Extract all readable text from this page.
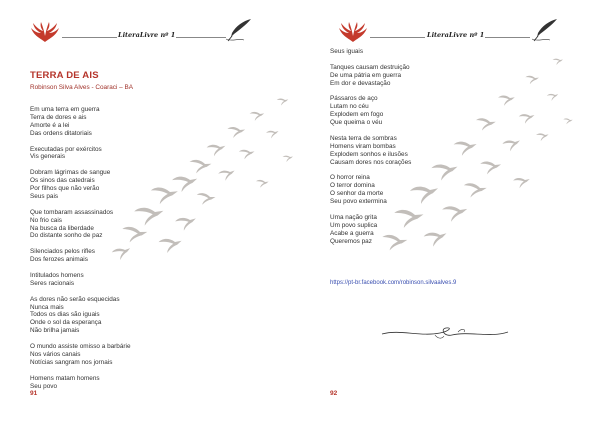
LiteraLivre nº 1
TERRA DE AIS
Robinson Silva Alves - Coaraci – BA
Em uma terra em guerra
Terra de dores e ais
Amorte é a lei
Das ordens ditatoriais
Executadas por exércitos
Vis generais
Dobram lágrimas de sangue
Os sinos das catedrais
Por filhos que não verão
Seus pais
Que tombaram assassinados
No frio cais
Na busca da liberdade
Do distante sonho de paz
Silenciados pelos rifles
Dos ferozes animais
Intitulados homens
Seres racionais
As dores não serão esquecidas
Nunca mais
Todos os dias são iguais
Onde o sol da esperança
Não brilha jamais
O mundo assiste omisso a barbárie
Nos vários canais
Notícias sangram nos jornais
Homens matam homens
Seu povo
91
LiteraLivre nº 1
Seus iguais
Tanques causam destruição
De uma pátria em guerra
Em dor e devastação
Pássaros de aço
Lutam no céu
Explodem em fogo
Que queima o véu
Nesta terra de sombras
Homens viram bombas
Explodem sonhos e ilusões
Causam dores nos corações
O horror reina
O terror domina
O senhor da morte
Seu povo extermina
Uma nação grita
Um povo suplica
Acabe a guerra
Queremos paz
https://pt-br.facebook.com/robinson.silvaalves.9
92
